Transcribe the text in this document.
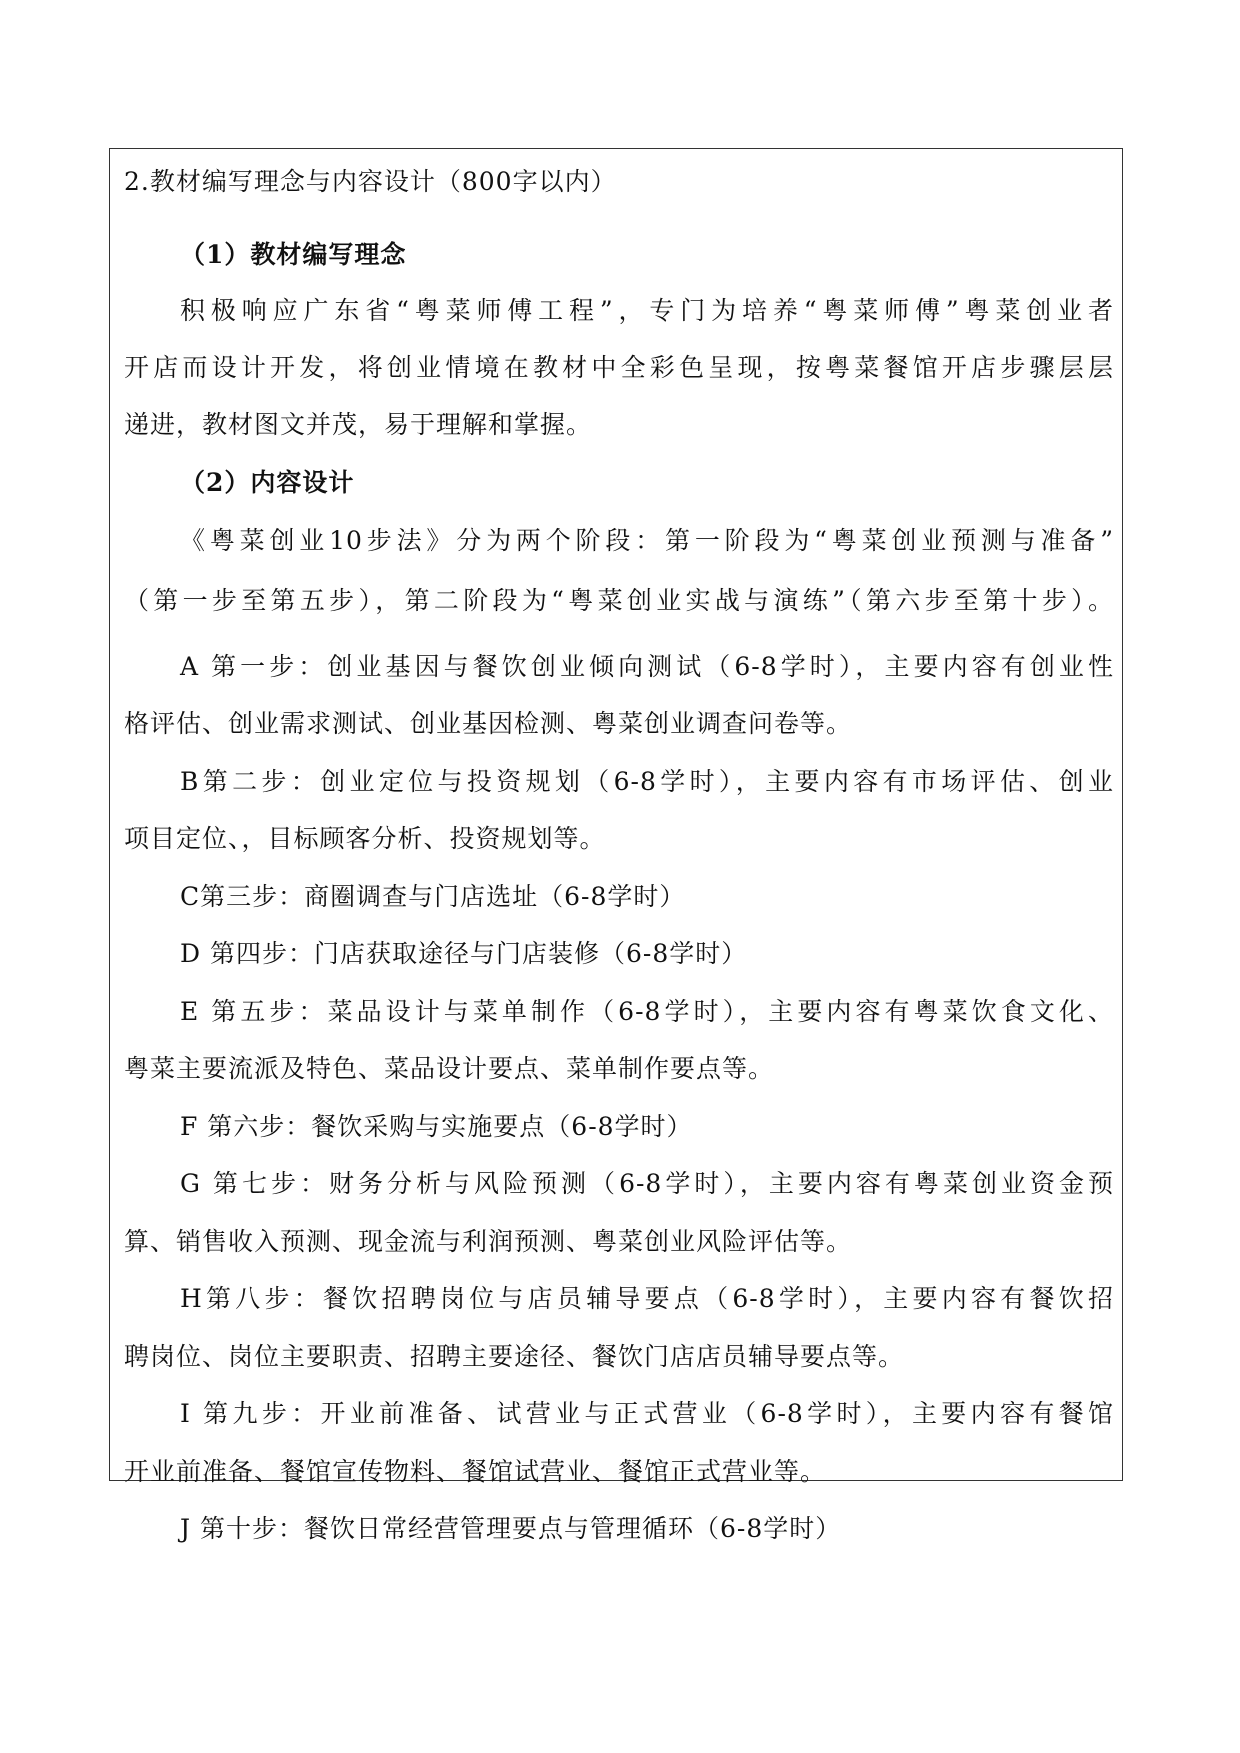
2.教材编写理念与内容设计（800字以内）
（1）教材编写理念
积极响应广东省“粤菜师傅工程”，专门为培养“粤菜师傅”粤菜创业者
开店而设计开发，将创业情境在教材中全彩色呈现，按粤菜餐馆开店步骤层层
递进，教材图文并茂，易于理解和掌握。
（2）内容设计
《粤菜创业10步法》分为两个阶段：第一阶段为“粤菜创业预测与准备”
（第一步至第五步），第二阶段为“粤菜创业实战与演练”（第六步至第十步）。
A 第一步：创业基因与餐饮创业倾向测试（6-8学时），主要内容有创业性
格评估、创业需求测试、创业基因检测、粤菜创业调查问卷等。
B第二步：创业定位与投资规划（6-8学时），主要内容有市场评估、创业
项目定位、，目标顾客分析、投资规划等。
C第三步：商圈调查与门店选址（6-8学时）
D 第四步：门店获取途径与门店装修（6-8学时）
E 第五步：菜品设计与菜单制作（6-8学时），主要内容有粤菜饮食文化、
粤菜主要流派及特色、菜品设计要点、菜单制作要点等。
F 第六步：餐饮采购与实施要点（6-8学时）
G 第七步：财务分析与风险预测（6-8学时），主要内容有粤菜创业资金预
算、销售收入预测、现金流与利润预测、粤菜创业风险评估等。
H第八步：餐饮招聘岗位与店员辅导要点（6-8学时），主要内容有餐饮招
聘岗位、岗位主要职责、招聘主要途径、餐饮门店店员辅导要点等。
I 第九步：开业前准备、试营业与正式营业（6-8学时），主要内容有餐馆
开业前准备、餐馆宣传物料、餐馆试营业、餐馆正式营业等。
J 第十步：餐饮日常经营管理要点与管理循环（6-8学时）
